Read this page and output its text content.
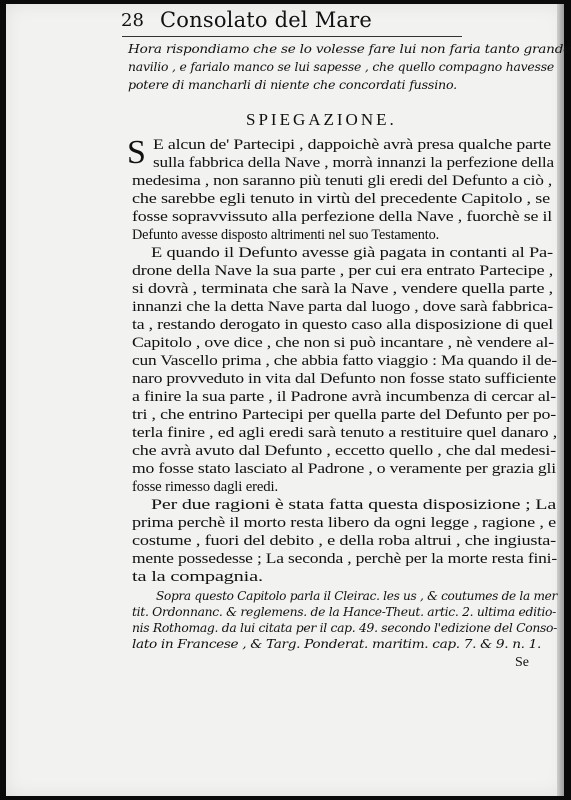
28 Consolato del Mare
Hora rispondiamo che se lo volesse fare lui non faria tanto grande
navilio , e farialo manco se lui sapesse , che quello compagno havesse
potere di mancharli di niente che concordati fussino.
SPIEGAZIONE.
S E alcun de' Partecipi , dappoichè avrà presa qualche parte
sulla fabbrica della Nave , morrà innanzi la perfezione della
medesima , non saranno più tenuti gli eredi del Defunto a ciò ,
che sarebbe egli tenuto in virtù del precedente Capitolo , se
fosse sopravvissuto alla perfezione della Nave , fuorchè se il
Defunto avesse disposto altrimenti nel suo Testamento.
E quando il Defunto avesse già pagata in contanti al Pa-
drone della Nave la sua parte , per cui era entrato Partecipe ,
si dovrà , terminata che sarà la Nave , vendere quella parte ,
innanzi che la detta Nave parta dal luogo , dove sarà fabbrica-
ta , restando derogato in questo caso alla disposizione di quel
Capitolo , ove dice , che non si può incantare , nè vendere al-
cun Vascello prima , che abbia fatto viaggio : Ma quando il de-
naro provveduto in vita dal Defunto non fosse stato sufficiente
a finire la sua parte , il Padrone avrà incumbenza di cercar al-
tri , che entrino Partecipi per quella parte del Defunto per po-
terla finire , ed agli eredi sarà tenuto a restituire quel danaro ,
che avrà avuto dal Defunto , eccetto quello , che dal medesi-
mo fosse stato lasciato al Padrone , o veramente per grazia gli
fosse rimesso dagli eredi.
Per due ragioni è stata fatta questa disposizione ; La
prima perchè il morto resta libero da ogni legge , ragione , e
costume , fuori del debito , e della roba altrui , che ingiusta-
mente possedesse ; La seconda , perchè per la morte resta fini-
ta la compagnia.
Sopra questo Capitolo parla il Cleirac. les us , & coutumes de la mer
tit. Ordonnanc. & reglemens. de la Hance-Theut. artic. 2. ultima editio-
nis Rothomag. da lui citata per il cap. 49. secondo l'edizione del Conso-
lato in Francese , & Targ. Ponderat. maritim. cap. 7. & 9. n. 1.
Se
